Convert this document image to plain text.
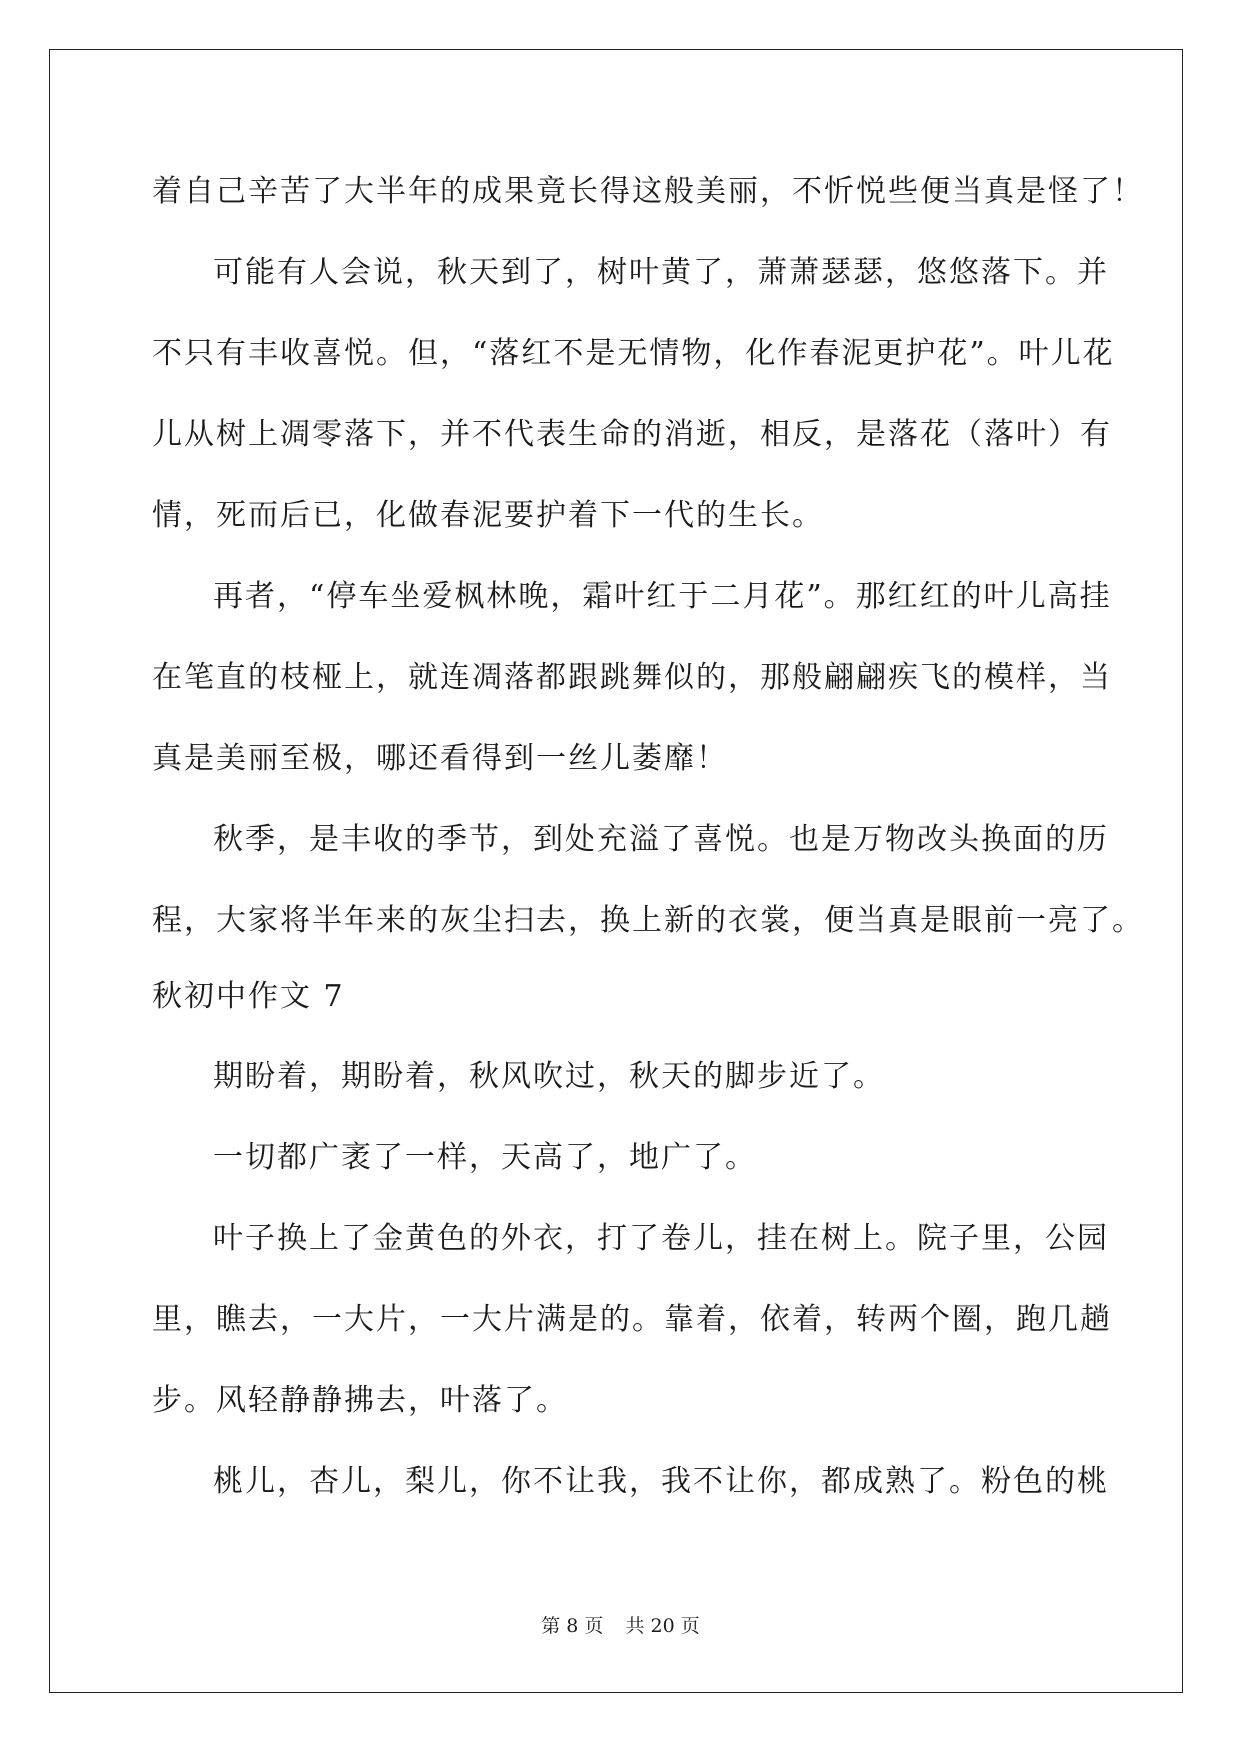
着自己辛苦了大半年的成果竟长得这般美丽，不忻悦些便当真是怪了！
可能有人会说，秋天到了，树叶黄了，萧萧瑟瑟，悠悠落下。并
不只有丰收喜悦。但，“落红不是无情物，化作春泥更护花”。叶儿花
儿从树上凋零落下，并不代表生命的消逝，相反，是落花（落叶）有
情，死而后已，化做春泥要护着下一代的生长。
再者，“停车坐爱枫林晚，霜叶红于二月花”。那红红的叶儿高挂
在笔直的枝桠上，就连凋落都跟跳舞似的，那般翩翩疾飞的模样，当
真是美丽至极，哪还看得到一丝儿萎靡！
秋季，是丰收的季节，到处充溢了喜悦。也是万物改头换面的历
程，大家将半年来的灰尘扫去，换上新的衣裳，便当真是眼前一亮了。
秋初中作文 7
期盼着，期盼着，秋风吹过，秋天的脚步近了。
一切都广袤了一样，天高了，地广了。
叶子换上了金黄色的外衣，打了卷儿，挂在树上。院子里，公园
里，瞧去，一大片，一大片满是的。靠着，依着，转两个圈，跑几趟
步。风轻静静拂去，叶落了。
桃儿，杏儿，梨儿，你不让我，我不让你，都成熟了。粉色的桃
第 8 页 共 20 页
